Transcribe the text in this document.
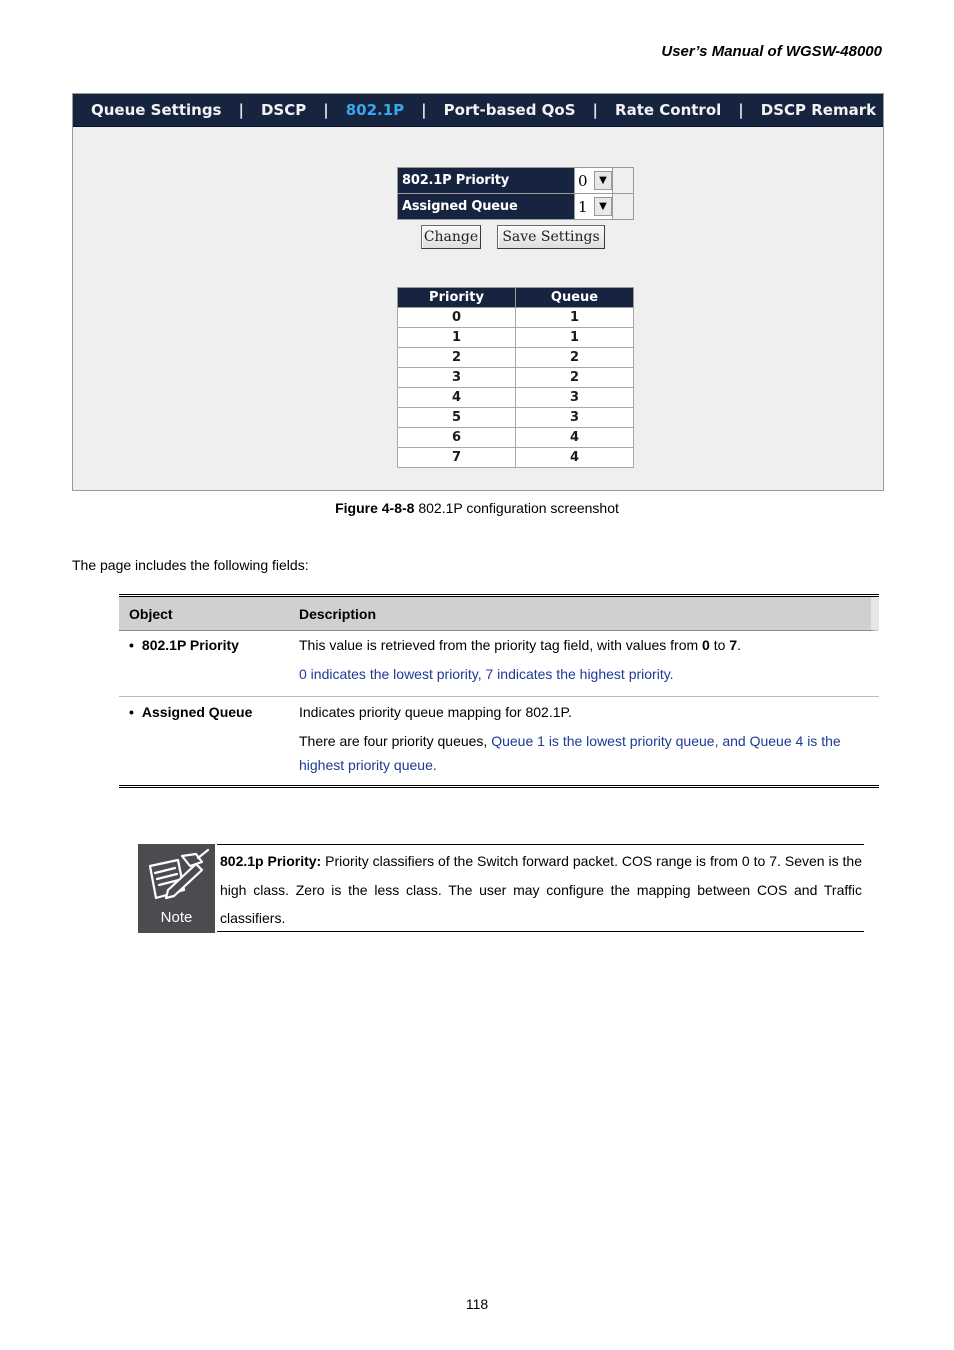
User’s Manual of WGSW-48000
Queue Settings	|	DSCP	|	802.1P	|	Port-based QoS	|	Rate Control	|	DSCP Remark
802.1P Priority	0 ▼	

Assigned Queue	1 ▼	

Change	Save Settings
Priority	Queue
0	1
1	1
2	2
3	2
4	3
5	3
6	4
7	4
Figure 4-8-8 802.1P configuration screenshot
The page includes the following fields:
Object	Description
• 802.1P Priority	This value is retrieved from the priority tag field, with values from 0 to 7.
0 indicates the lowest priority, 7 indicates the highest priority.
• Assigned Queue	Indicates priority queue mapping for 802.1P.
There are four priority queues, Queue 1 is the lowest priority queue, and Queue 4 is the
highest priority queue.
Note
802.1p Priority: Priority classifiers of the Switch forward packet. COS range is from 0 to 7. Seven is the high class. Zero is the less class. The user may configure the mapping between COS and Traffic classifiers.
118
